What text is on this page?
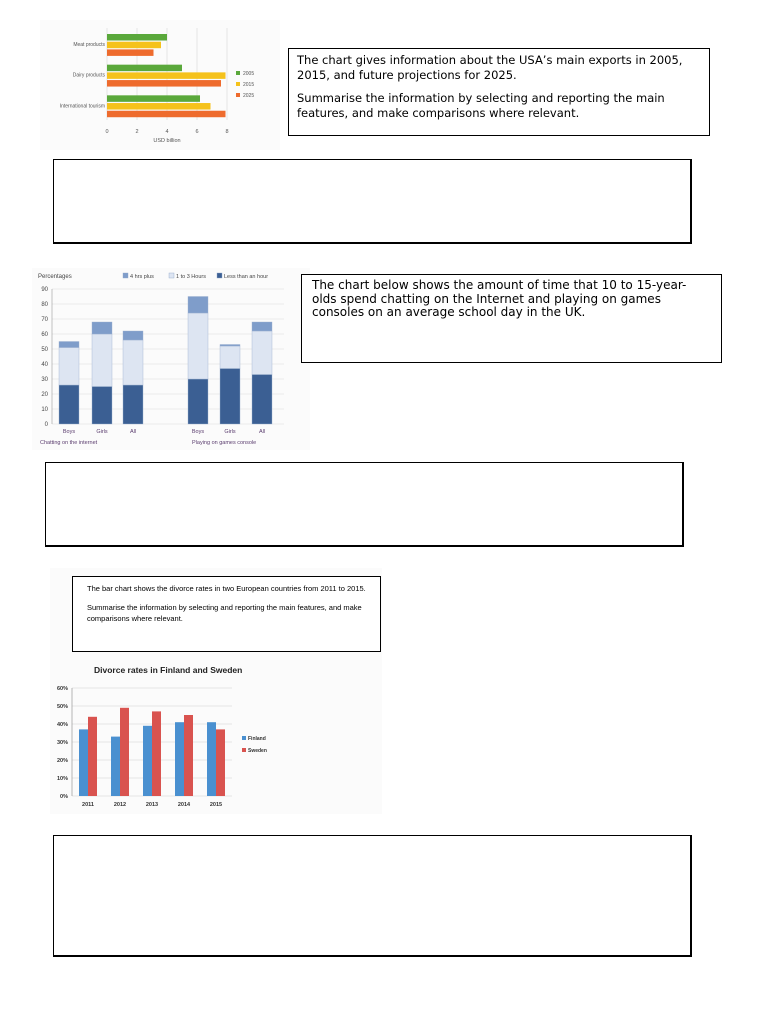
0	2	4	6	8
USD billion
Meat products
Dairy products
International tourism
2005
2015
2025

The chart gives information about the USA’s main exports in 2005, 2015, and future projections for 2025.

Summarise the information by selecting and reporting the main features, and make comparisons where relevant.

Percentages
0
10
20
30
40
50
60
70
80
90
4 hrs plus	1 to 3 Hours	Less than an hour
Boys	Girls	All	Boys	Girls	All
Chatting on the internet	Playing on games console

The chart below shows the amount of time that 10 to 15-year-olds spend chatting on the Internet and playing on games consoles on an average school day in the UK.

The bar chart shows the divorce rates in two European countries from 2011 to 2015.

Summarise the information by selecting and reporting the main features, and make comparisons where relevant.

Divorce rates in Finland and Sweden
0%
10%
20%
30%
40%
50%
60%
2011	2012	2013	2014	2015
Finland
Sweden
